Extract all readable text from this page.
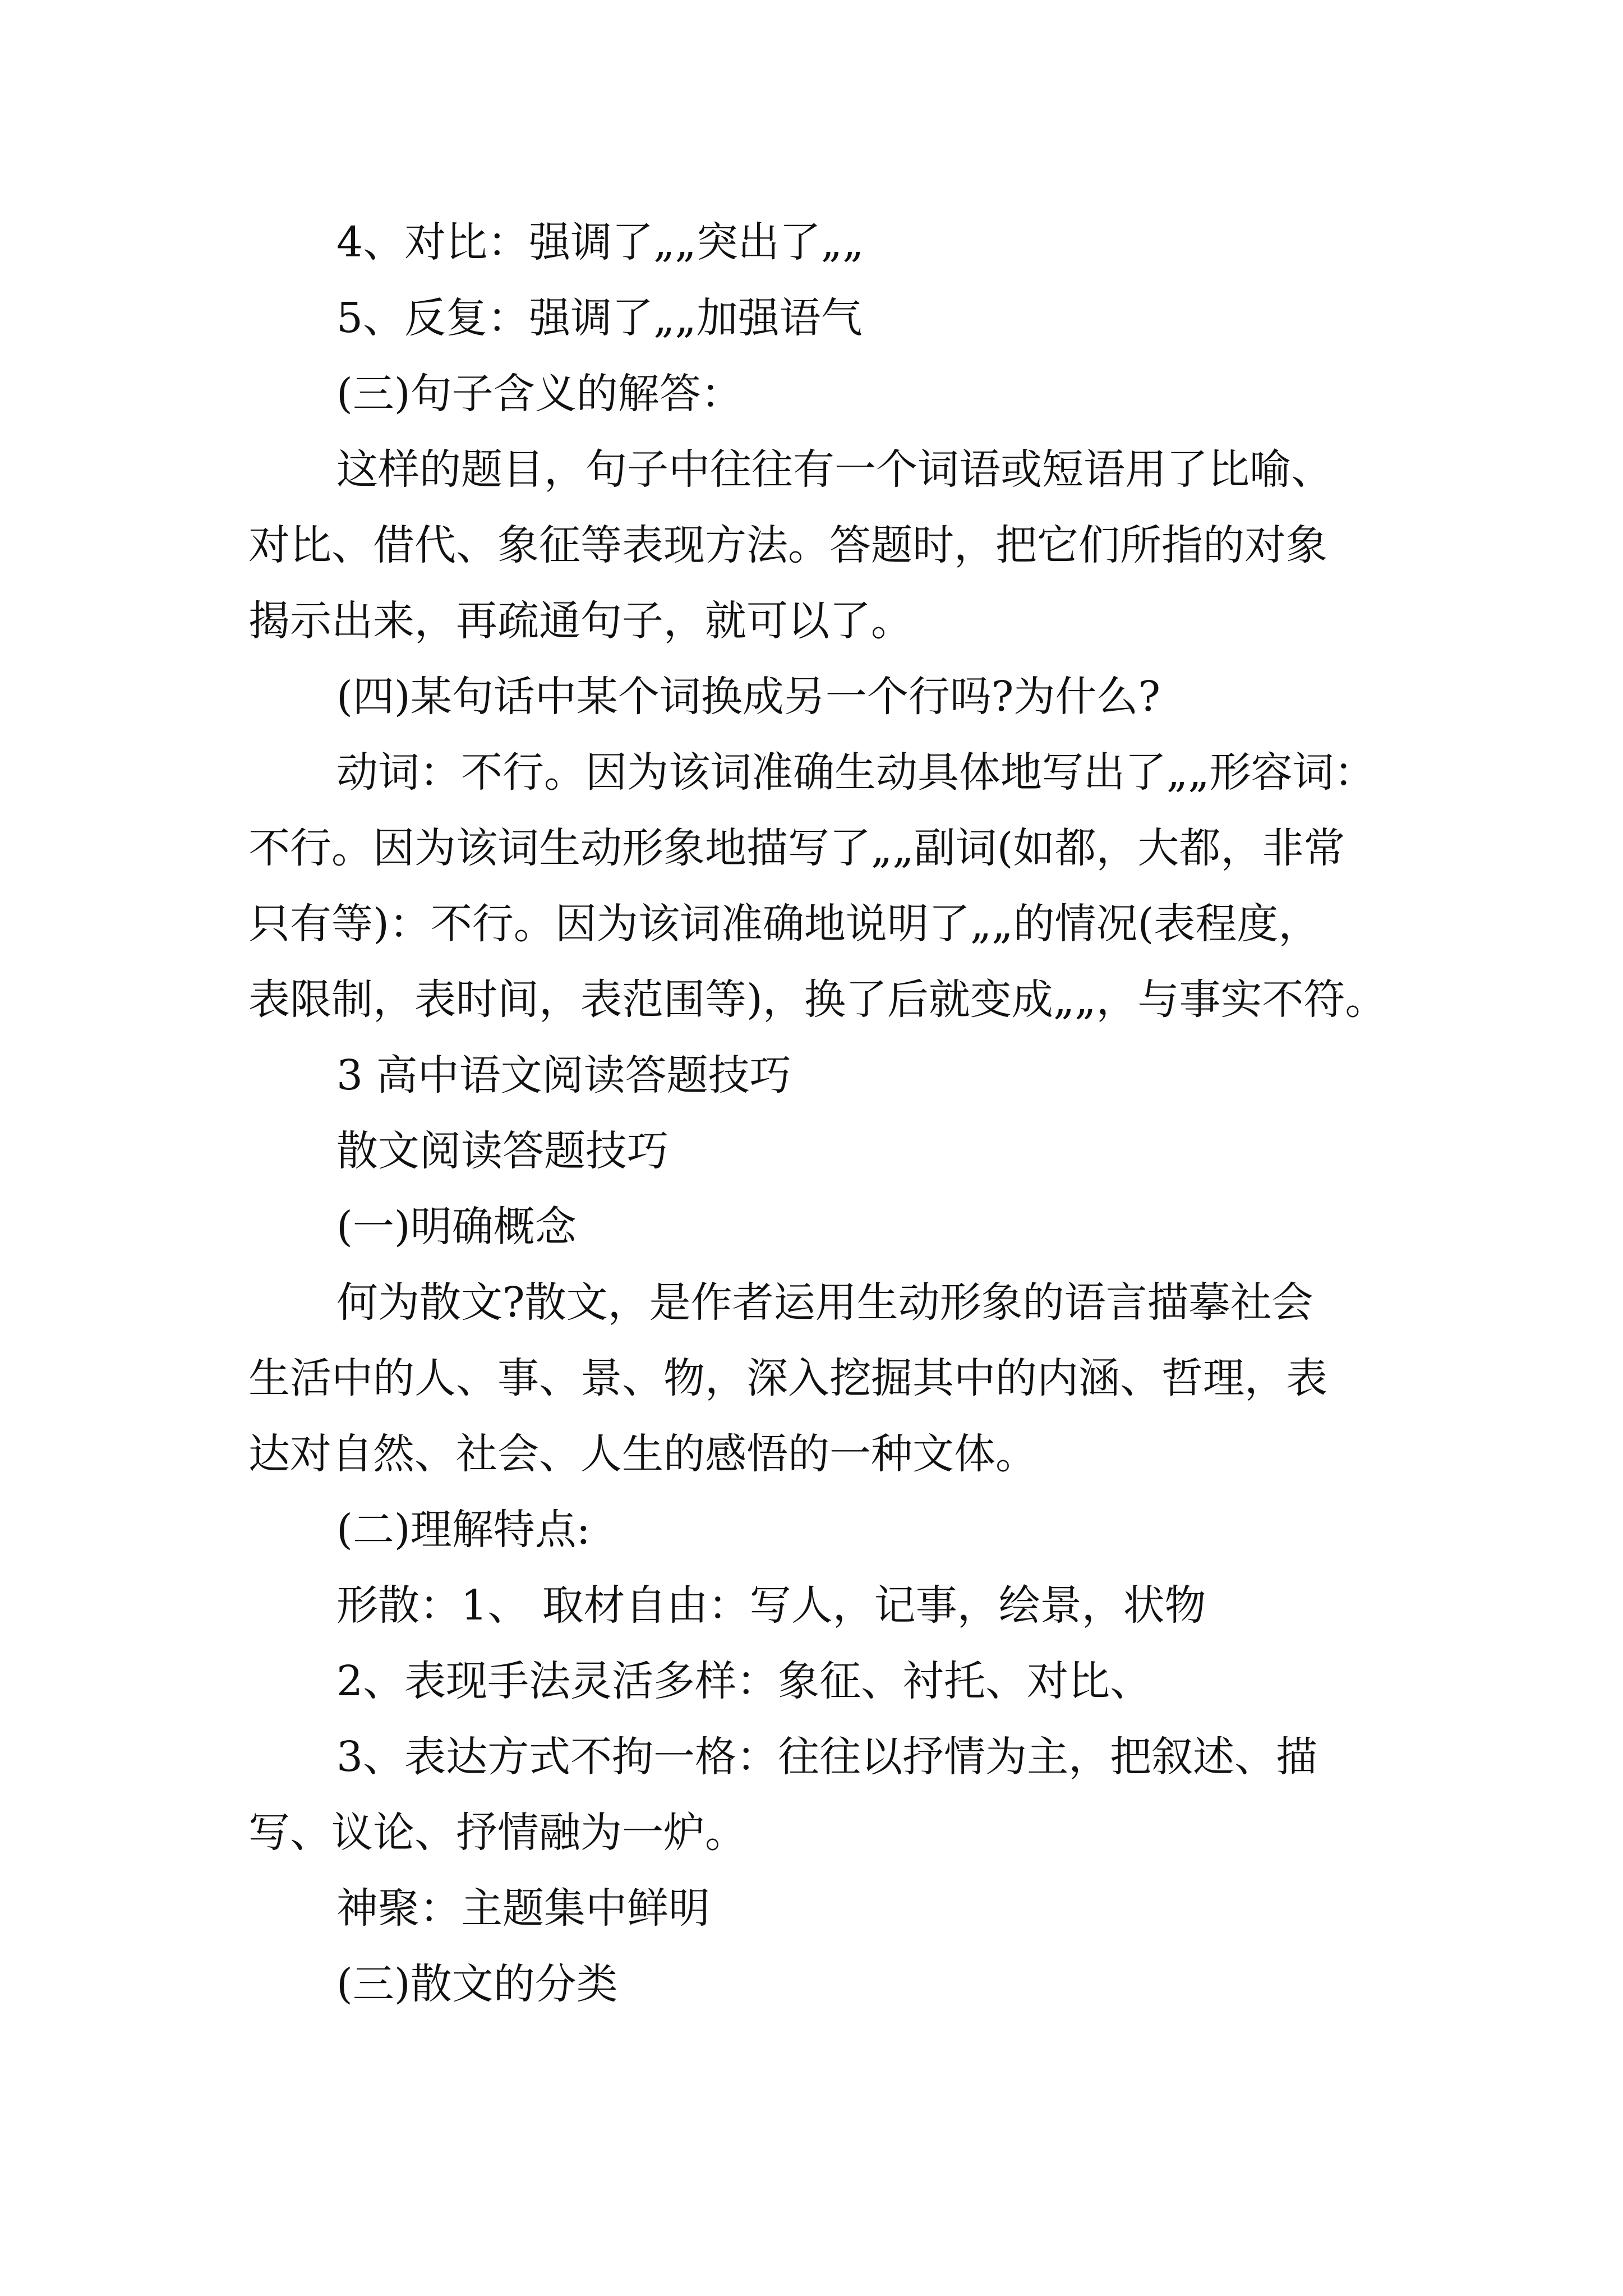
4、对比：强调了„„突出了„„
5、反复：强调了„„加强语气
(三)句子含义的解答：
这样的题目，句子中往往有一个词语或短语用了比喻、
对比、借代、象征等表现方法。答题时，把它们所指的对象
揭示出来，再疏通句子，就可以了。
(四)某句话中某个词换成另一个行吗?为什么?
动词：不行。因为该词准确生动具体地写出了„„形容词：
不行。因为该词生动形象地描写了„„副词(如都，大都，非常
只有等)：不行。因为该词准确地说明了„„的情况(表程度，
表限制，表时间，表范围等)，换了后就变成„„，与事实不符。
3 高中语文阅读答题技巧
散文阅读答题技巧
(一)明确概念
何为散文?散文，是作者运用生动形象的语言描摹社会
生活中的人、事、景、物，深入挖掘其中的内涵、哲理，表
达对自然、社会、人生的感悟的一种文体。
(二)理解特点:
形散：1、 取材自由：写人，记事，绘景，状物
2、表现手法灵活多样：象征、衬托、对比、
3、表达方式不拘一格：往往以抒情为主，把叙述、描
写、议论、抒情融为一炉。
神聚：主题集中鲜明
(三)散文的分类
